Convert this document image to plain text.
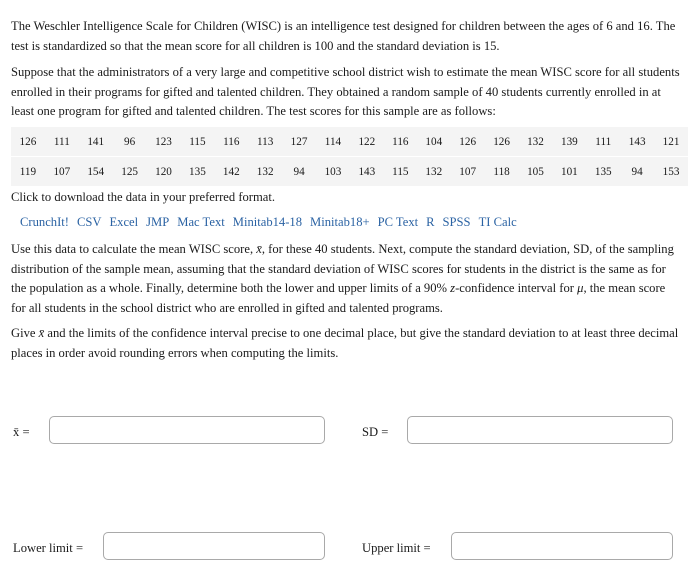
The Weschler Intelligence Scale for Children (WISC) is an intelligence test designed for children between the ages of 6 and 16. The test is standardized so that the mean score for all children is 100 and the standard deviation is 15.

Suppose that the administrators of a very large and competitive school district wish to estimate the mean WISC score for all students enrolled in their programs for gifted and talented children. They obtained a random sample of 40 students currently enrolled in at least one program for gifted and talented children. The test scores for this sample are as follows:

126	111	141	96	123	115	116	113	127	114	122	116	104	126	126	132	139	111	143	121
119	107	154	125	120	135	142	132	94	103	143	115	132	107	118	105	101	135	94	153
Click to download the data in your preferred format.
CrunchIt! CSV Excel JMP Mac Text Minitab14-18 Minitab18+ PC Text R SPSS TI Calc

Use this data to calculate the mean WISC score, x̄, for these 40 students. Next, compute the standard deviation, SD, of the sampling distribution of the sample mean, assuming that the standard deviation of WISC scores for students in the district is the same as for the population as a whole. Finally, determine both the lower and upper limits of a 90% z-confidence interval for μ, the mean score for all students in the school district who are enrolled in gifted and talented programs.

Give x̄ and the limits of the confidence interval precise to one decimal place, but give the standard deviation to at least three decimal places in order avoid rounding errors when computing the limits.

x̄ =	SD =
Lower limit =	Upper limit =
